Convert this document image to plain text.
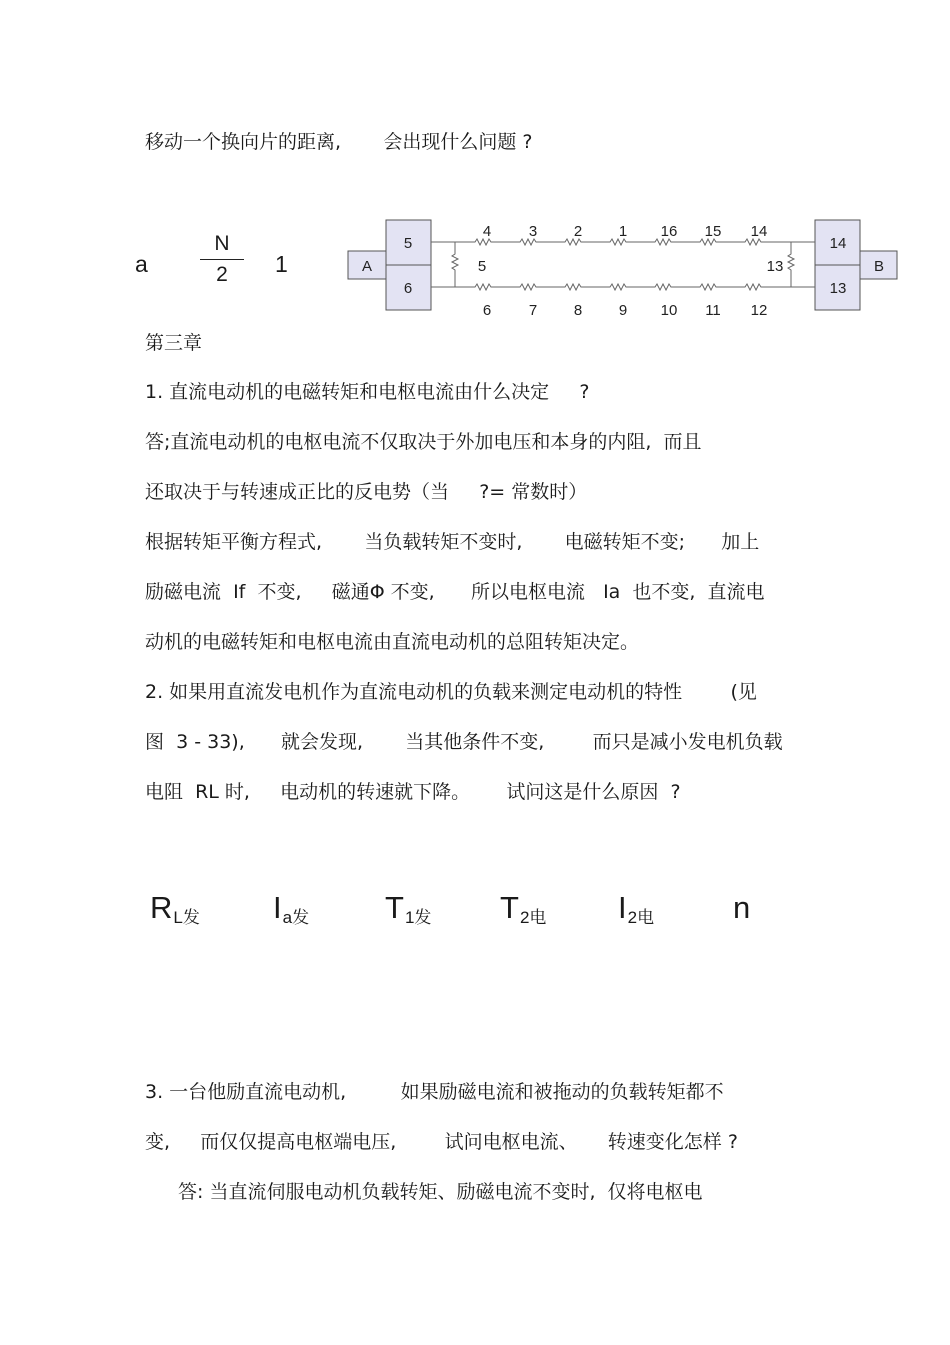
移动一个换向片的距离,       会出现什么问题 ?
a
N
2	1	A	B
5
6
14
13
5	13
4	3 2 1 16 15 14
6	7 8 9 10 11 12
第三章
1. 直流电动机的电磁转矩和电枢电流由什么决定     ?
答;直流电动机的电枢电流不仅取决于外加电压和本身的内阻,  而且
还取决于与转速成正比的反电势（当     ?= 常数时）
根据转矩平衡方程式,       当负载转矩不变时,       电磁转矩不变;      加上
励磁电流  If  不变,     磁通Φ 不变,      所以电枢电流   Ia  也不变,  直流电
动机的电磁转矩和电枢电流由直流电动机的总阻转矩决定。
2. 如果用直流发电机作为直流电动机的负载来测定电动机的特性        (见
图  3 - 33),      就会发现,       当其他条件不变,        而只是减小发电机负载
电阻  RL 时,     电动机的转速就下降。      试问这是什么原因  ?
RL发 Ia发 T1发 T2电 I2电	n
3. 一台他励直流电动机,         如果励磁电流和被拖动的负载转矩都不
变,     而仅仅提高电枢端电压,        试问电枢电流、     转速变化怎样 ?
答: 当直流伺服电动机负载转矩、励磁电流不变时,  仅将电枢电
